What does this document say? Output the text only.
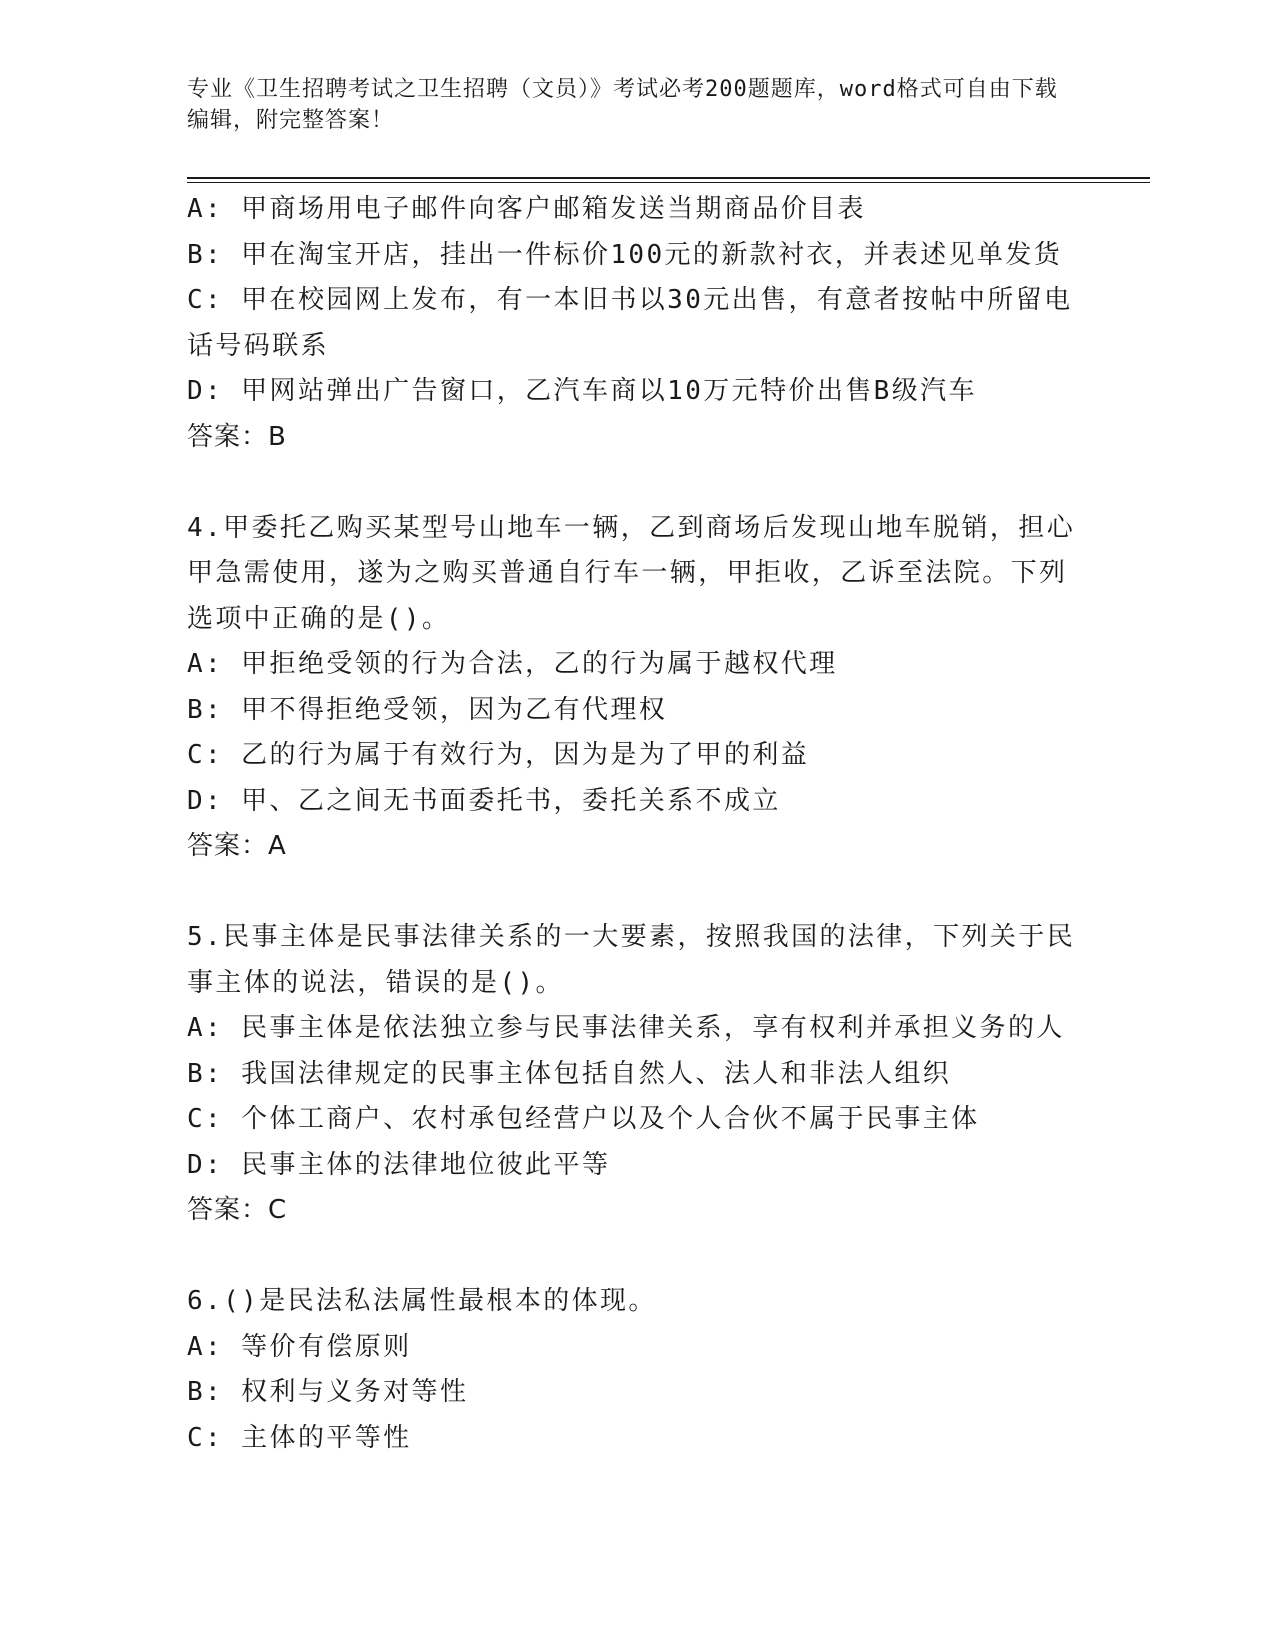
专业《卫生招聘考试之卫生招聘（文员）》考试必考200题题库，word格式可自由下载编辑，附完整答案！
A: 甲商场用电子邮件向客户邮箱发送当期商品价目表
B: 甲在淘宝开店，挂出一件标价100元的新款衬衣，并表述见单发货
C: 甲在校园网上发布，有一本旧书以30元出售，有意者按帖中所留电话号码联系
D: 甲网站弹出广告窗口，乙汽车商以10万元特价出售B级汽车
答案：B
4.甲委托乙购买某型号山地车一辆，乙到商场后发现山地车脱销，担心甲急需使用，遂为之购买普通自行车一辆，甲拒收，乙诉至法院。下列选项中正确的是()。
A: 甲拒绝受领的行为合法，乙的行为属于越权代理
B: 甲不得拒绝受领，因为乙有代理权
C: 乙的行为属于有效行为，因为是为了甲的利益
D: 甲、乙之间无书面委托书，委托关系不成立
答案：A
5.民事主体是民事法律关系的一大要素，按照我国的法律，下列关于民事主体的说法，错误的是()。
A: 民事主体是依法独立参与民事法律关系，享有权利并承担义务的人
B: 我国法律规定的民事主体包括自然人、法人和非法人组织
C: 个体工商户、农村承包经营户以及个人合伙不属于民事主体
D: 民事主体的法律地位彼此平等
答案：C
6.()是民法私法属性最根本的体现。
A: 等价有偿原则
B: 权利与义务对等性
C: 主体的平等性
